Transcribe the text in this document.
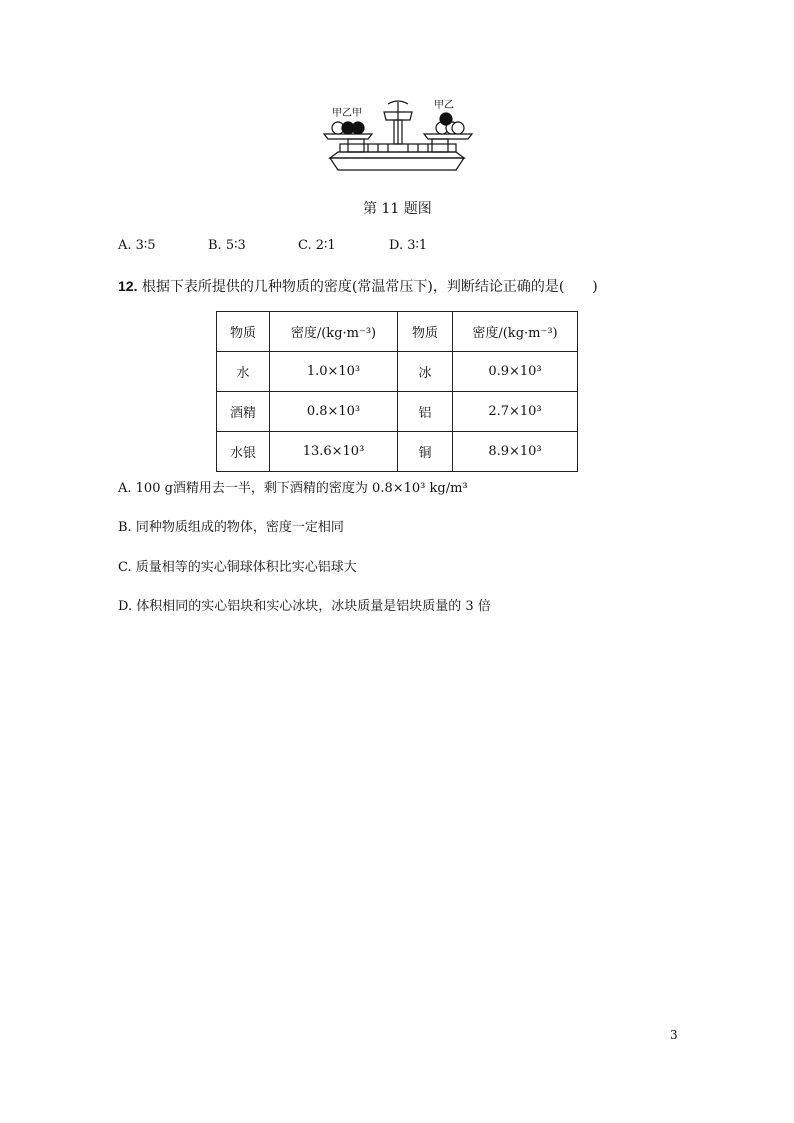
甲乙甲
甲乙
第 11 题图
A. 3∶5	B. 5∶3	C. 2∶1	D. 3∶1
12. 根据下表所提供的几种物质的密度(常温常压下)，判断结论正确的是(　　)
物质	密度/(kg·m⁻³)	物质	密度/(kg·m⁻³)
水	1.0×10³	冰	0.9×10³
酒精	0.8×10³	铝	2.7×10³
水银	13.6×10³	铜	8.9×10³
A. 100 g酒精用去一半，剩下酒精的密度为 0.8×10³ kg/m³
B. 同种物质组成的物体，密度一定相同
C. 质量相等的实心铜球体积比实心铝球大
D. 体积相同的实心铝块和实心冰块，冰块质量是铝块质量的 3 倍
3
